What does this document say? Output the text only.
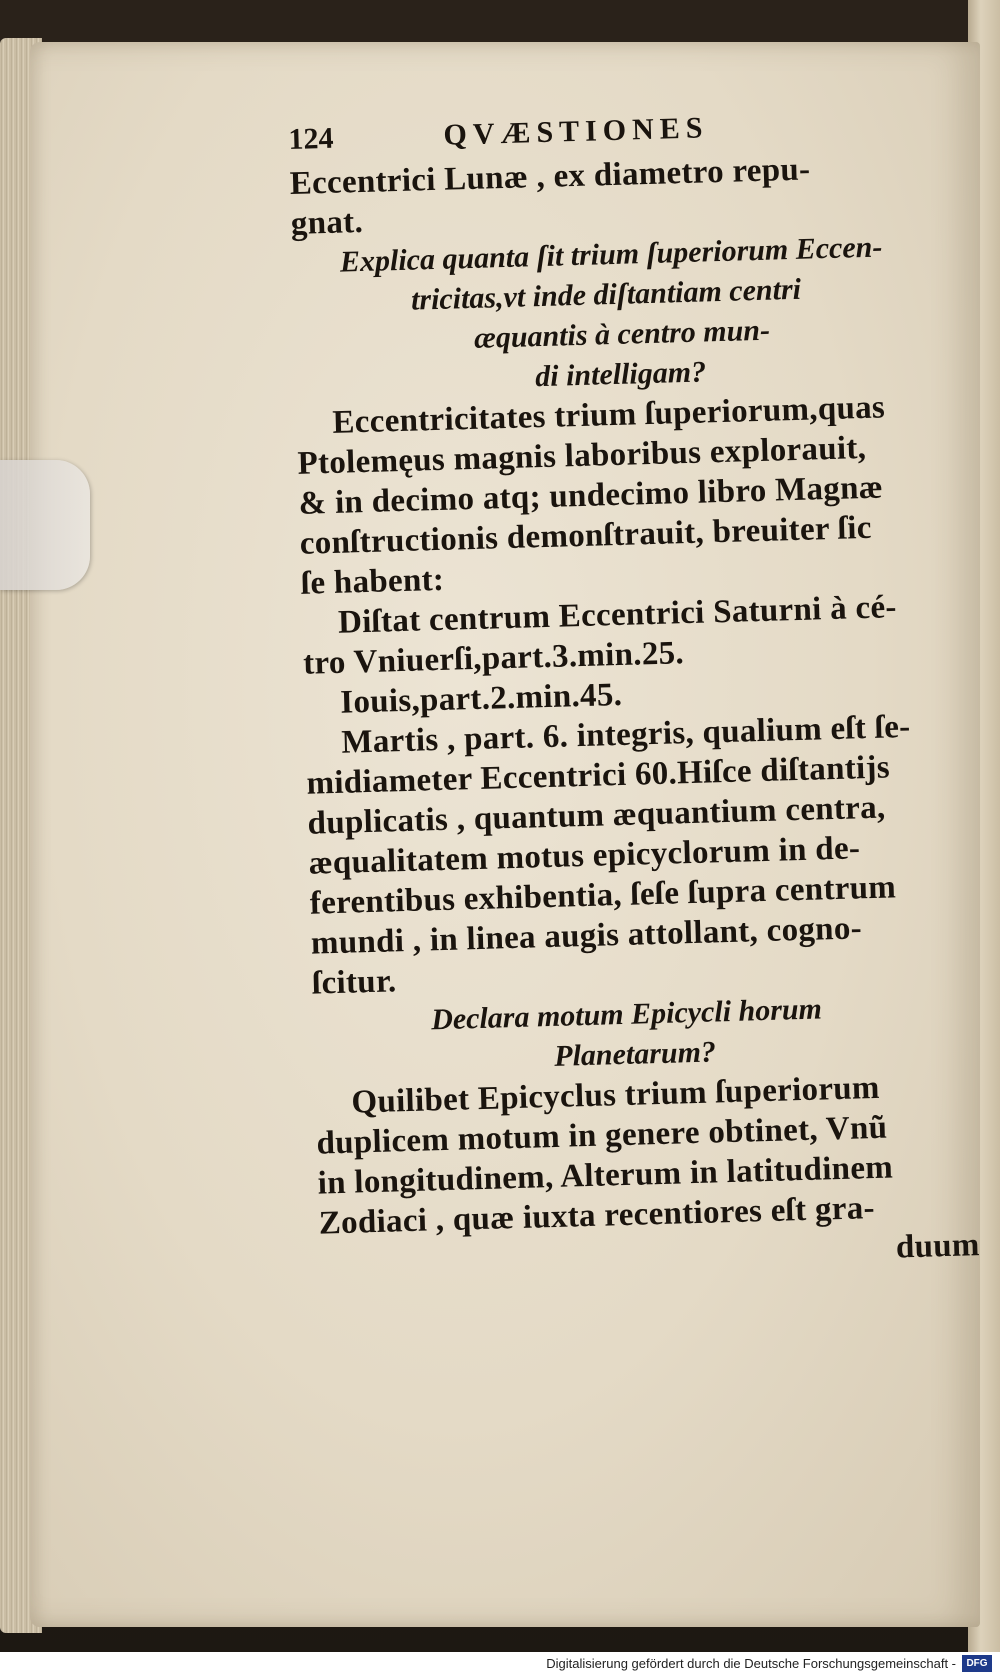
124	QVÆSTIONES
Eccentrici Lunæ , ex diametro repu-
gnat.
Explica quanta ſit trium ſuperiorum Eccen-
tricitas,vt inde diſtantiam centri
æquantis à centro mun-
di intelligam?
Eccentricitates trium ſuperiorum,quas
Ptolemęus magnis laboribus explorauit,
& in decimo atq; undecimo libro Magnæ
conſtructionis demonſtrauit, breuiter ſic
ſe habent:
Diſtat centrum Eccentrici Saturni à cé-
tro Vniuerſi,part.3.min.25.
Iouis,part.2.min.45.
Martis , part. 6. integris, qualium eſt ſe-
midiameter Eccentrici 60.Hiſce diſtantijs
duplicatis , quantum æquantium centra,
æqualitatem motus epicyclorum in de-
ferentibus exhibentia, ſeſe ſupra centrum
mundi , in linea augis attollant, cogno-
ſcitur.
Declara motum Epicycli horum
Planetarum?
Quilibet Epicyclus trium ſuperiorum
duplicem motum in genere obtinet, Vnũ
in longitudinem, Alterum in latitudinem
Zodiaci , quæ iuxta recentiores eſt gra-
duum
Digitalisierung gefördert durch die Deutsche Forschungsgemeinschaft -	DFG
